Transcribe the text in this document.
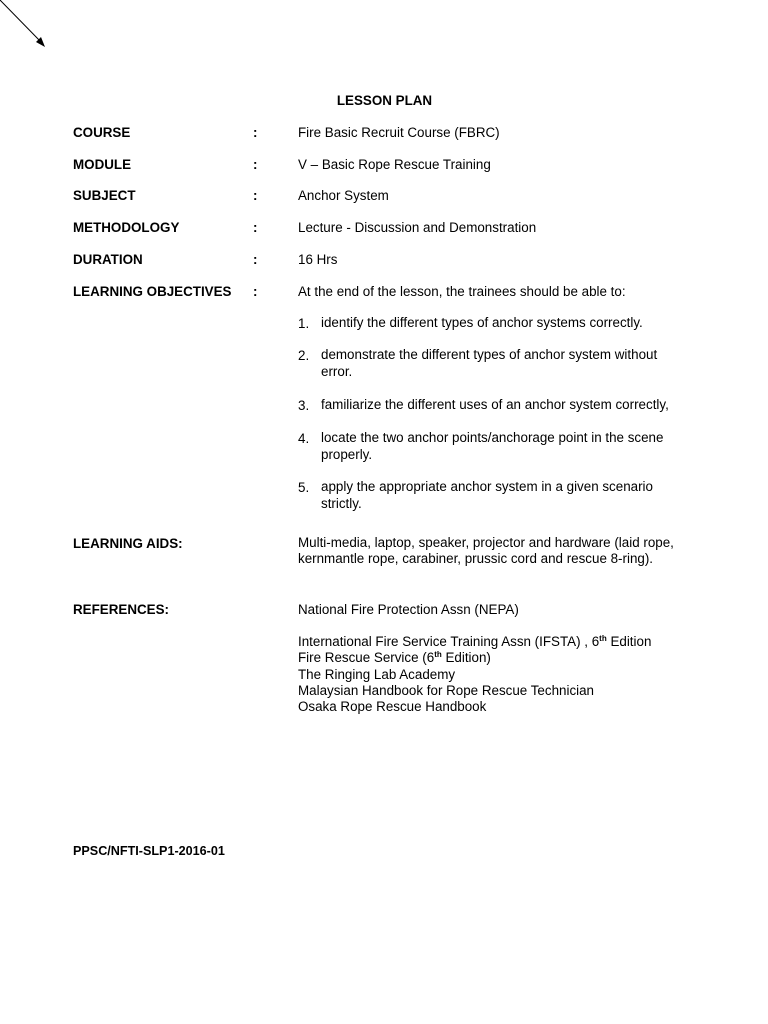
LESSON PLAN
COURSE	:	Fire Basic Recruit Course (FBRC)
MODULE	:	V – Basic Rope Rescue Training
SUBJECT	:	Anchor System
METHODOLOGY	:	Lecture - Discussion and Demonstration
DURATION	:	16 Hrs
LEARNING OBJECTIVES :	At the end of the lesson, the trainees should be able to:
1. identify the different types of anchor systems correctly.
2. demonstrate the different types of anchor system without error.
3. familiarize the different uses of an anchor system correctly,
4. locate the two anchor points/anchorage point in the scene properly.
5. apply the appropriate anchor system in a given scenario strictly.
LEARNING AIDS:	Multi-media, laptop, speaker, projector and hardware (laid rope, kernmantle rope, carabiner, prussic cord and rescue 8-ring).
REFERENCES:	National Fire Protection Assn (NEPA)
International Fire Service Training Assn (IFSTA) , 6th Edition
Fire Rescue Service (6th Edition)
The Ringing Lab Academy
Malaysian Handbook for Rope Rescue Technician
Osaka Rope Rescue Handbook
PPSC/NFTI-SLP1-2016-01
